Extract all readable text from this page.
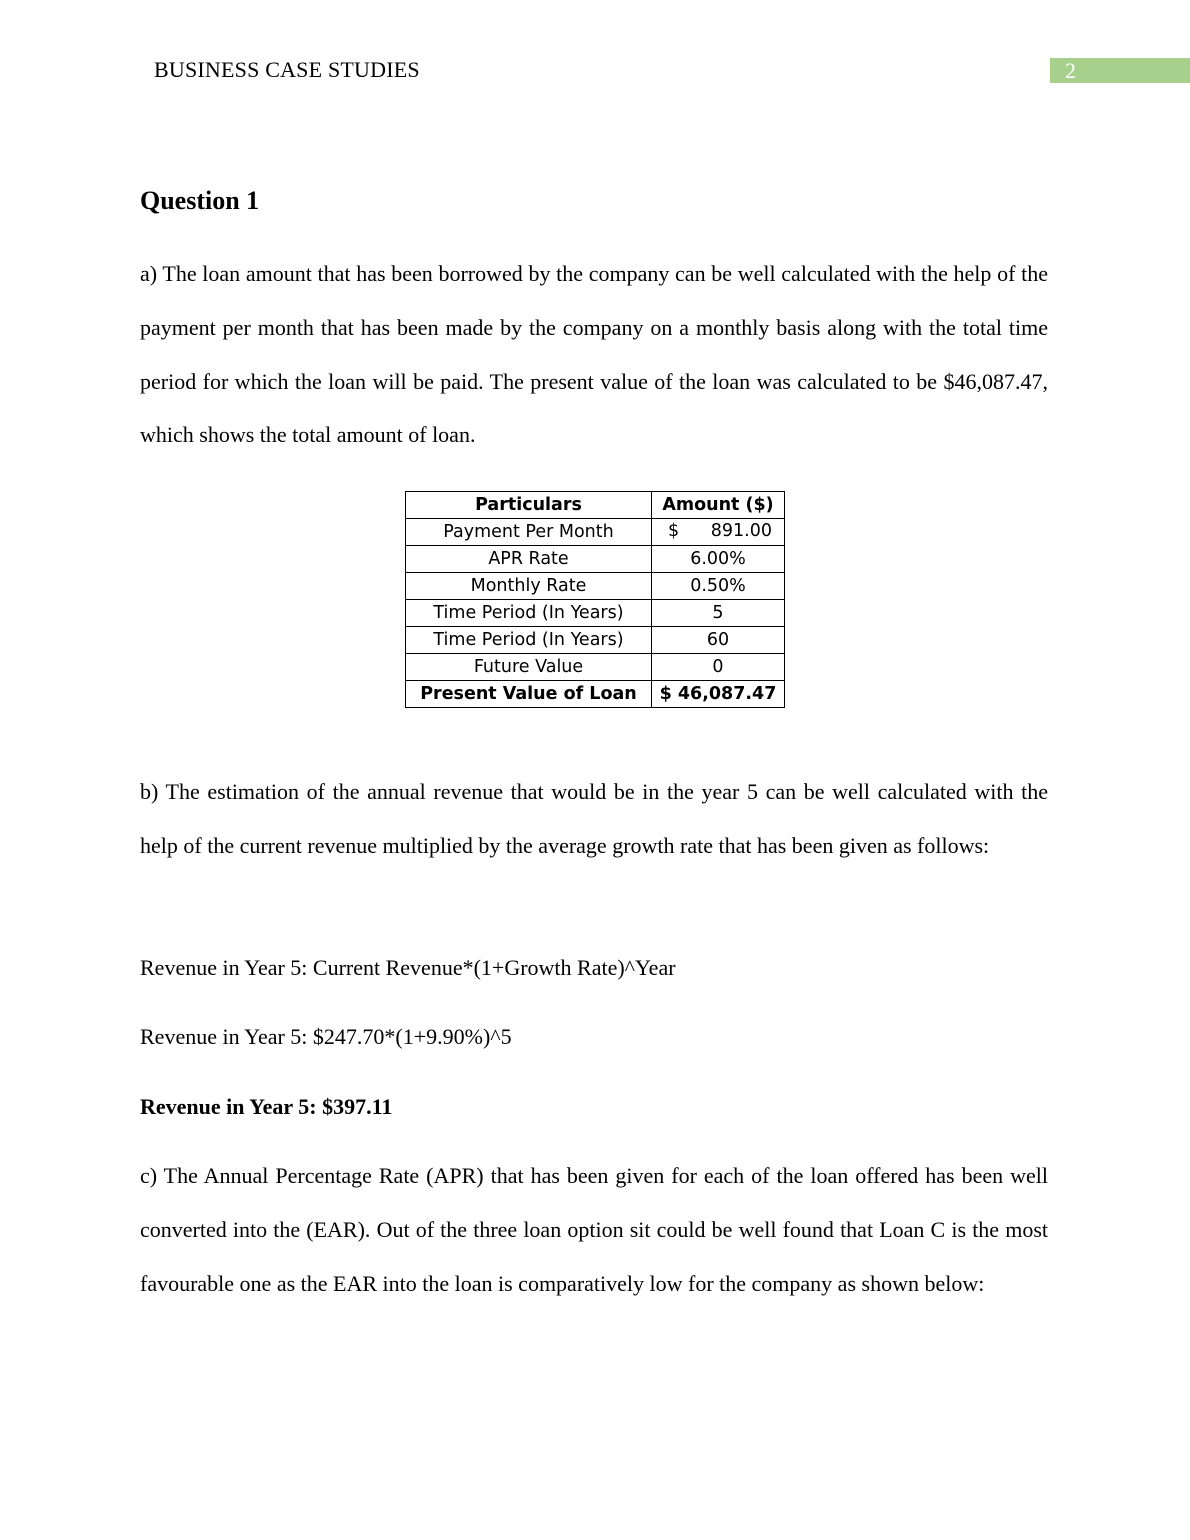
BUSINESS CASE STUDIES	2
Question 1

a) The loan amount that has been borrowed by the company can be well calculated with the help of the payment per month that has been made by the company on a monthly basis along with the total time period for which the loan will be paid. The present value of the loan was calculated to be $46,087.47, which shows the total amount of loan.

Particulars	Amount ($)
Payment Per Month	$ 891.00

APR Rate	6.00%
Monthly Rate	0.50%
Time Period (In Years)	5
Time Period (In Years)	60
Future Value	0
Present Value of Loan	$ 46,087.47

b) The estimation of the annual revenue that would be in the year 5 can be well calculated with the help of the current revenue multiplied by the average growth rate that has been given as follows:

Revenue in Year 5: Current Revenue*(1+Growth Rate)^Year
Revenue in Year 5: $247.70*(1+9.90%)^5
Revenue in Year 5: $397.11

c) The Annual Percentage Rate (APR) that has been given for each of the loan offered has been well converted into the (EAR). Out of the three loan option sit could be well found that Loan C is the most favourable one as the EAR into the loan is comparatively low for the company as shown below:
